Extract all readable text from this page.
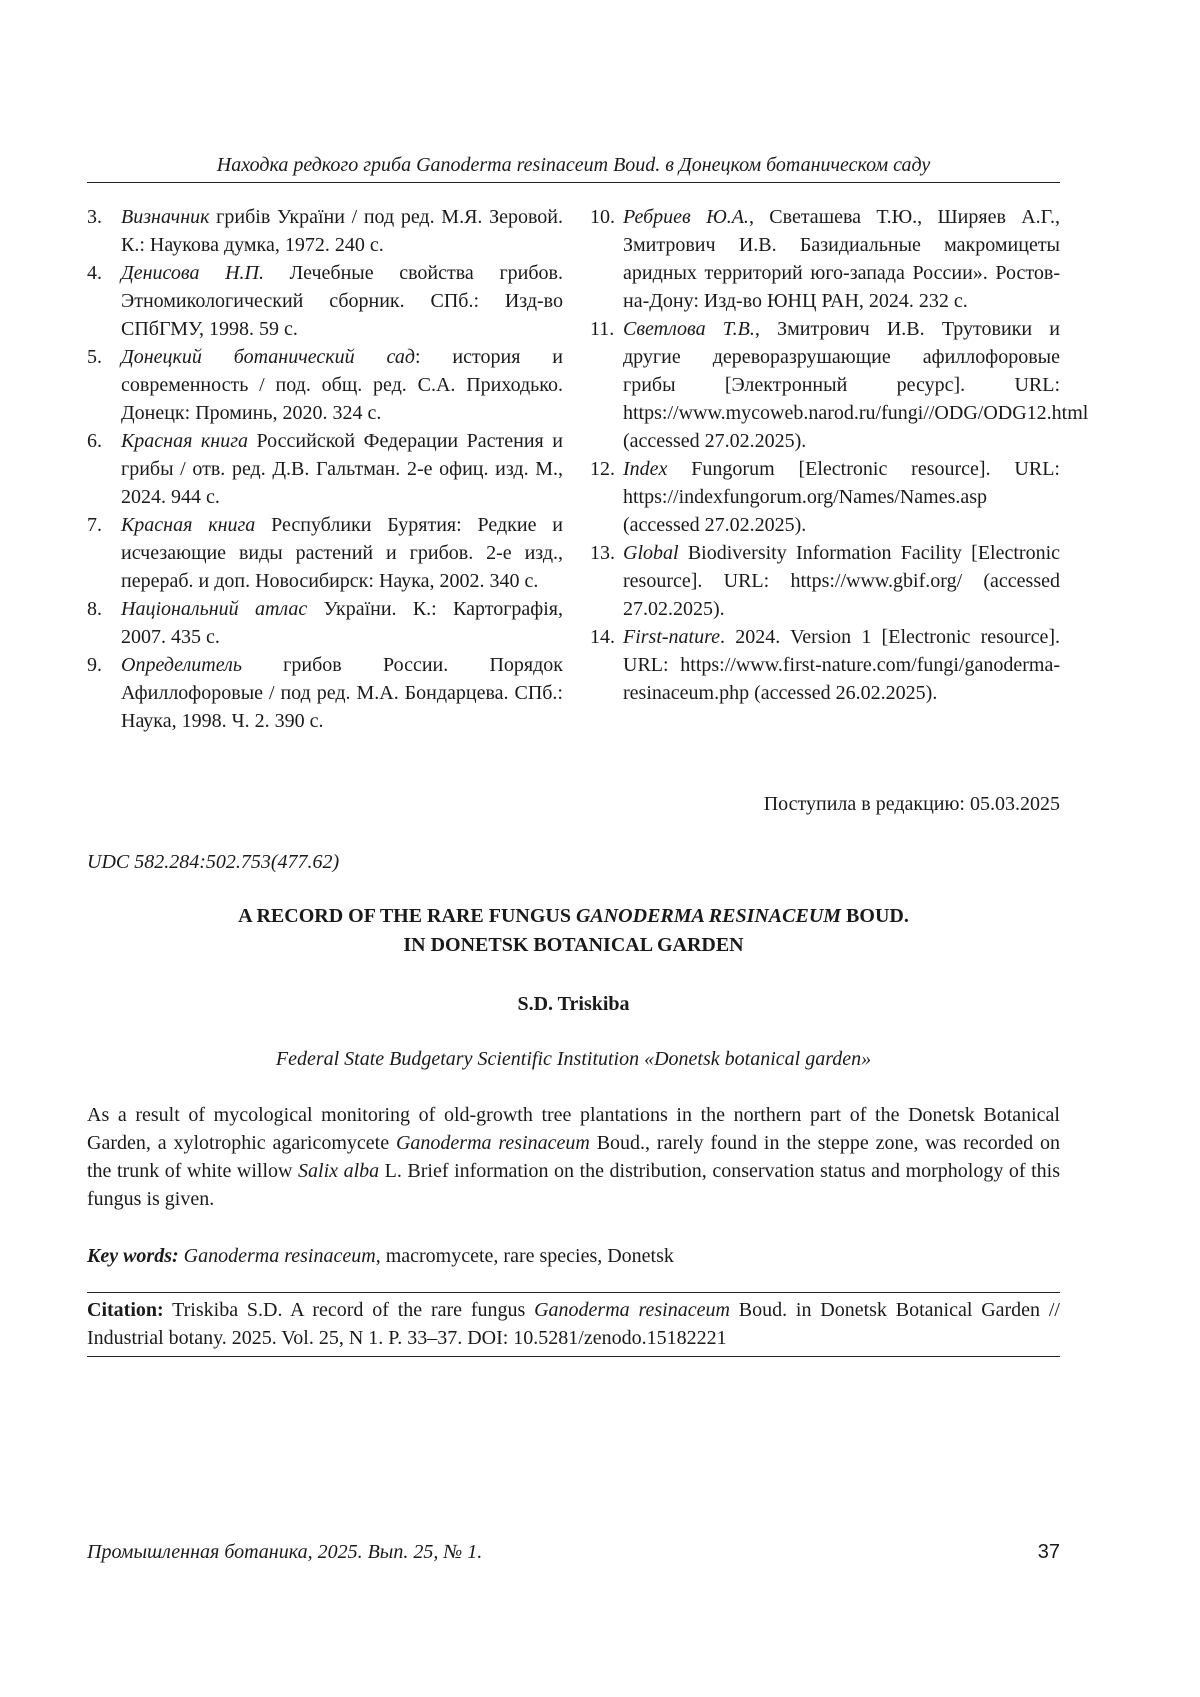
Находка редкого гриба Ganoderma resinaceum Boud. в Донецком ботаническом саду
3. Визначник грибів України / под ред. М.Я. Зеровой. К.: Наукова думка, 1972. 240 с.
4. Денисова Н.П. Лечебные свойства грибов. Этномикологический сборник. СПб.: Изд-во СПбГМУ, 1998. 59 с.
5. Донецкий ботанический сад: история и современность / под. общ. ред. С.А. Приходько. Донецк: Проминь, 2020. 324 с.
6. Красная книга Российской Федерации Растения и грибы / отв. ред. Д.В. Гальтман. 2-е офиц. изд. М., 2024. 944 с.
7. Красная книга Республики Бурятия: Редкие и исчезающие виды растений и грибов. 2-е изд., перераб. и доп. Новосибирск: Наука, 2002. 340 с.
8. Національний атлас України. К.: Картографія, 2007. 435 с.
9. Определитель грибов России. Порядок Афиллофоровые / под ред. М.А. Бондарцева. СПб.: Наука, 1998. Ч. 2. 390 с.
10. Ребриев Ю.А., Светашева Т.Ю., Ширяев А.Г., Змитрович И.В. Базидиальные макромицеты аридных территорий юго-запада России». Ростов-на-Дону: Изд-во ЮНЦ РАН, 2024. 232 с.
11. Светлова Т.В., Змитрович И.В. Трутовики и другие дереворазрушающие афиллофоровые грибы [Электронный ресурс]. URL: https://www.mycoweb.narod.ru/fungi//ODG/ODG12.html (accessed 27.02.2025).
12. Index Fungorum [Electronic resource]. URL: https://indexfungorum.org/Names/Names.asp (accessed 27.02.2025).
13. Global Biodiversity Information Facility [Electronic resource]. URL: https://www.gbif.org/ (accessed 27.02.2025).
14. First-nature. 2024. Version 1 [Electronic resource]. URL: https://www.first-nature.com/fungi/ganoderma-resinaceum.php (accessed 26.02.2025).
Поступила в редакцию: 05.03.2025
UDC 582.284:502.753(477.62)
A RECORD OF THE RARE FUNGUS GANODERMA RESINACEUM BOUD.
IN DONETSK BOTANICAL GARDEN
S.D. Triskiba
Federal State Budgetary Scientific Institution «Donetsk botanical garden»

As a result of mycological monitoring of old-growth tree plantations in the northern part of the Donetsk Botanical Garden, a xylotrophic agaricomycete Ganoderma resinaceum Boud., rarely found in the steppe zone, was recorded on the trunk of white willow Salix alba L. Brief information on the distribution, conservation status and morphology of this fungus is given.

Key words: Ganoderma resinaceum, macromycete, rare species, Donetsk

Citation: Triskiba S.D. A record of the rare fungus Ganoderma resinaceum Boud. in Donetsk Botanical Garden // Industrial botany. 2025. Vol. 25, N 1. P. 33–37. DOI: 10.5281/zenodo.15182221

Промышленная ботаника, 2025. Вып. 25, № 1.	37
